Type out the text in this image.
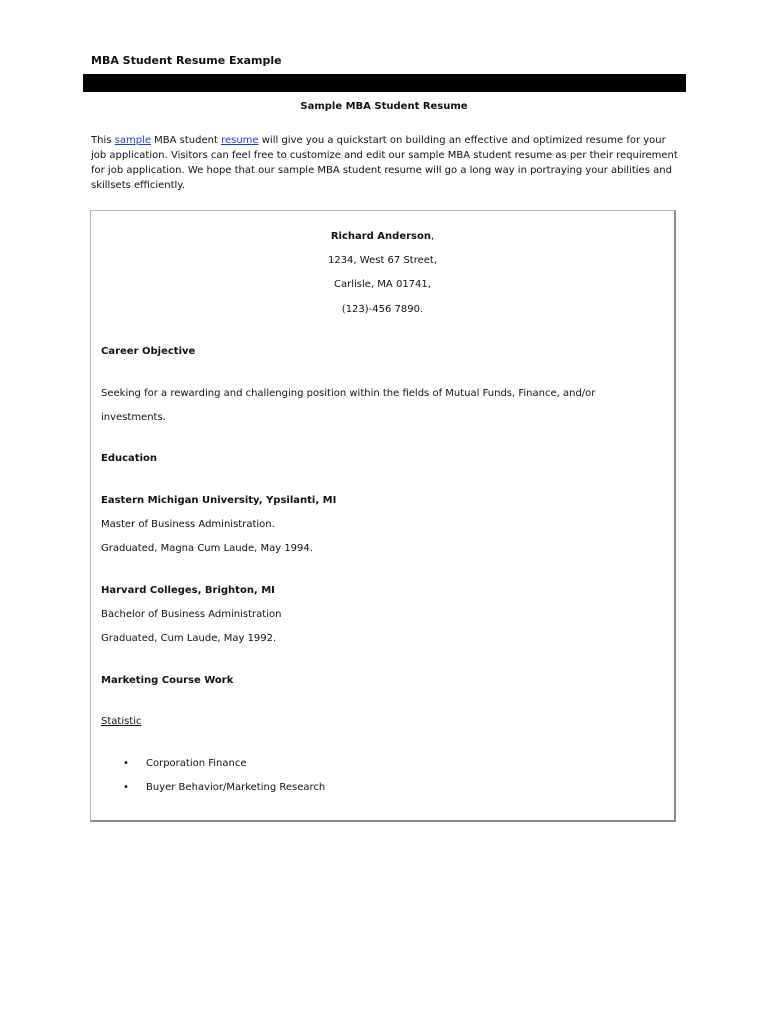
MBA Student Resume Example
Sample MBA Student Resume

This sample MBA student resume will give you a quickstart on building an effective and optimized resume for your job application. Visitors can feel free to customize and edit our sample MBA student resume as per their requirement for job application. We hope that our sample MBA student resume will go a long way in portraying your abilities and skillsets efficiently.

Richard Anderson,

1234, West 67 Street,

Carlisle, MA 01741,

(123)-456 7890.

Career Objective

Seeking for a rewarding and challenging position within the fields of Mutual Funds, Finance, and/or

investments.

Education

Eastern Michigan University, Ypsilanti, MI

Master of Business Administration.

Graduated, Magna Cum Laude, May 1994.

Harvard Colleges, Brighton, MI

Bachelor of Business Administration

Graduated, Cum Laude, May 1992.

Marketing Course Work

Statistic

• Corporation Finance
• Buyer Behavior/Marketing Research
